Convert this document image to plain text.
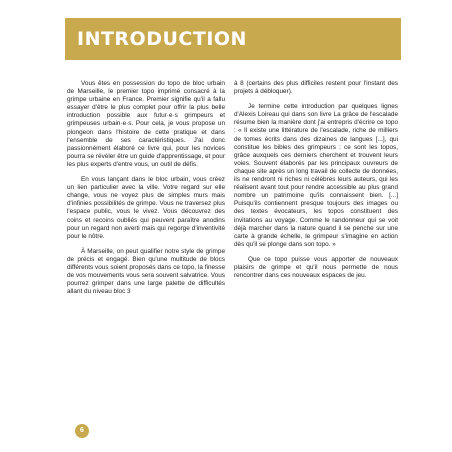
INTRODUCTION

Vous êtes en possession du topo de bloc urbain de Marseille, le premier topo imprimé consacré à la grimpe urbaine en France. Premier signifie qu'il a fallu essayer d'être le plus complet pour offrir la plus belle introduction possible aux futur·e·s grimpeurs et grimpeuses urbain·e·s. Pour cela, je vous propose un plongeon dans l'histoire de cette pratique et dans l'ensemble de ses caractéristiques. J'ai donc passionnément élaboré ce livre qui, pour les novices pourra se révéler être un guide d'apprentissage, et pour les plus experts d'entre vous, un outil de défis.

En vous lançant dans le bloc urbain, vous créez un lien particulier avec la ville. Votre regard sur elle change, vous ne voyez plus de simples murs mais d'infinies possibilités de grimpe. Vous ne traversez plus l'espace public, vous le vivez. Vous découvrez des coins et recoins oubliés qui peuvent paraître anodins pour un regard non averti mais qui regorge d'inventivité pour le nôtre.

À Marseille, on peut qualifier notre style de grimpe de précis et engagé. Bien qu'une multitude de blocs différents vous soient proposés dans ce topo, la finesse de vos mouvements vous sera souvent salvatrice. Vous pourrez grimper dans une large palette de difficultés allant du niveau bloc 3

à 8 (certains des plus difficiles restent pour l'instant des projets à débloquer).

Je termine cette introduction par quelques lignes d'Alexis Loireau qui dans son livre La grâce de l'escalade résume bien la manière dont j'ai entrepris d'écrire ce topo : « Il existe une littérature de l'escalade, riche de milliers de tomes écrits dans des dizaines de langues [...], qui constitue les bibles des grimpeurs : ce sont les topos, grâce auxquels ces derniers cherchent et trouvent leurs voies. Souvent élaborés par les principaux ouvreurs de chaque site après un long travail de collecte de données, ils ne rendront ni riches ni célèbres leurs auteurs, qui les réalisent avant tout pour rendre accessible au plus grand nombre un patrimoine qu'ils connaissent bien. [...] Puisqu'ils contiennent presque toujours des images ou des textes évocateurs, les topos constituent des invitations au voyage. Comme le randonneur qui se voit déjà marcher dans la nature quand il se penche sur une carte à grande échelle, le grimpeur s'imagine en action dès qu'il se plonge dans son topo. »

Que ce topo puisse vous apporter de nouveaux plaisirs de grimpe et qu'il nous permette de nous rencontrer dans ces nouveaux espaces de jeu.

6
